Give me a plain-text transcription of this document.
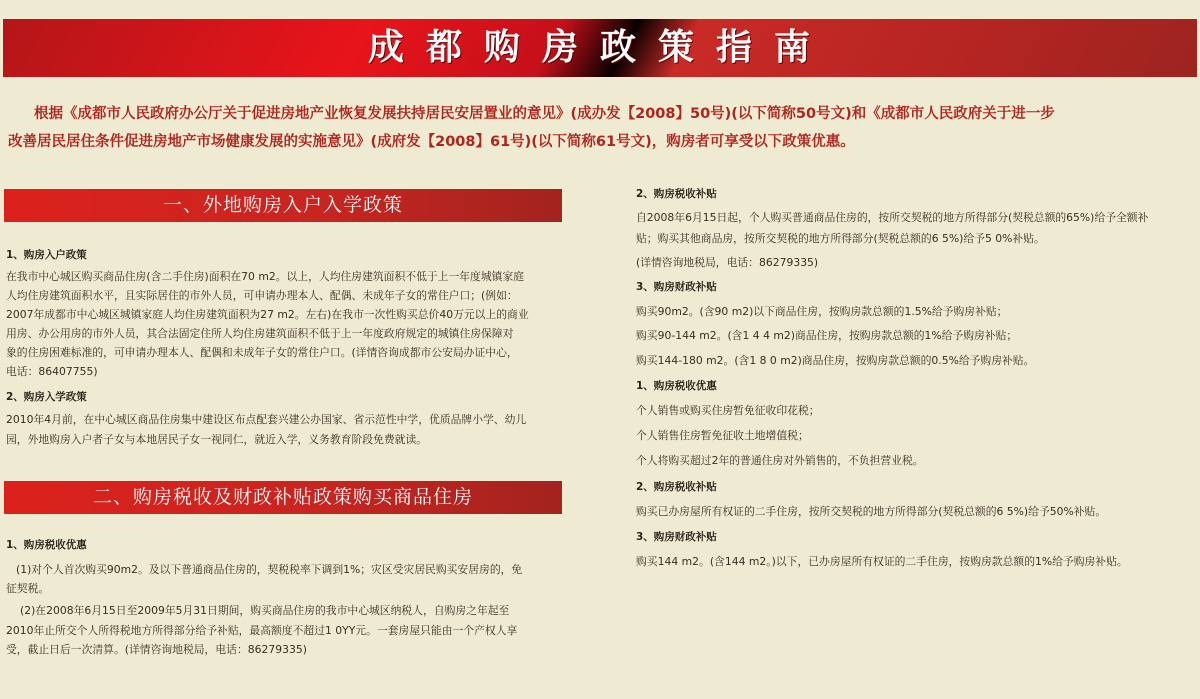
成都购房政策指南
根据《成都市人民政府办公厅关于促进房地产业恢复发展扶持居民安居置业的意见》(成办发【2008】50号)(以下简称50号文)和《成都市人民政府关于进一步
改善居民居住条件促进房地产市场健康发展的实施意见》(成府发【2008】61号)(以下简称61号文)，购房者可享受以下政策优惠。
一、外地购房入户入学政策
1、购房入户政策
在我市中心城区购买商品住房(含二手住房)面积在70 m2。以上，人均住房建筑面积不低于上一年度城镇家庭
人均住房建筑面积水平，且实际居住的市外人员，可申请办理本人、配偶、未成年子女的常住户口；(例如：
2007年成都市中心城区城镇家庭人均住房建筑面积为27 m2。左右)在我市一次性购买总价40万元以上的商业
用房、办公用房的市外人员，其合法固定住所人均住房建筑面积不低于上一年度政府规定的城镇住房保障对
象的住房困难标准的，可申请办理本人、配偶和未成年子女的常住户口。(详情咨询成都市公安局办证中心，
电话：86407755)
2、购房入学政策
2010年4月前，在中心城区商品住房集中建设区布点配套兴建公办国家、省示范性中学，优质品牌小学、幼儿
园，外地购房入户者子女与本地居民子女一视同仁，就近入学，义务教育阶段免费就读。
二、购房税收及财政补贴政策购买商品住房
1、购房税收优惠
(1)对个人首次购买90m2。及以下普通商品住房的，契税税率下调到1%；灾区受灾居民购买安居房的，免
征契税。
(2)在2008年6月15日至2009年5月31日期间，购买商品住房的我市中心城区纳税人，自购房之年起至
2010年止所交个人所得税地方所得部分给予补贴，最高额度不超过1 0YY元。一套房屋只能由一个产权人享
受，截止日后一次清算。(详情咨询地税局，电话：86279335)
2、购房税收补贴
自2008年6月15日起，个人购买普通商品住房的，按所交契税的地方所得部分(契税总额的65%)给予全额补
贴；购买其他商品房，按所交契税的地方所得部分(契税总额的6 5%)给予5 0%补贴。
(详情咨询地税局，电话：86279335)
3、购房财政补贴
购买90m2。(含90 m2)以下商品住房，按购房款总额的1.5%给予购房补贴；
购买90-144 m2。(含1 4 4 m2)商品住房，按购房款总额的1%给予购房补贴；
购买144-180 m2。(含1 8 0 m2)商品住房，按购房款总额的0.5%给予购房补贴。
1、购房税收优惠
个人销售或购买住房暂免征收印花税；
个人销售住房暂免征收土地增值税；
个人将购买超过2年的普通住房对外销售的，不负担营业税。
2、购房税收补贴
购买已办房屋所有权证的二手住房，按所交契税的地方所得部分(契税总额的6 5%)给予50%补贴。
3、购房财政补贴
购买144 m2。(含144 m2。)以下，已办房屋所有权证的二手住房，按购房款总额的1%给予购房补贴。
